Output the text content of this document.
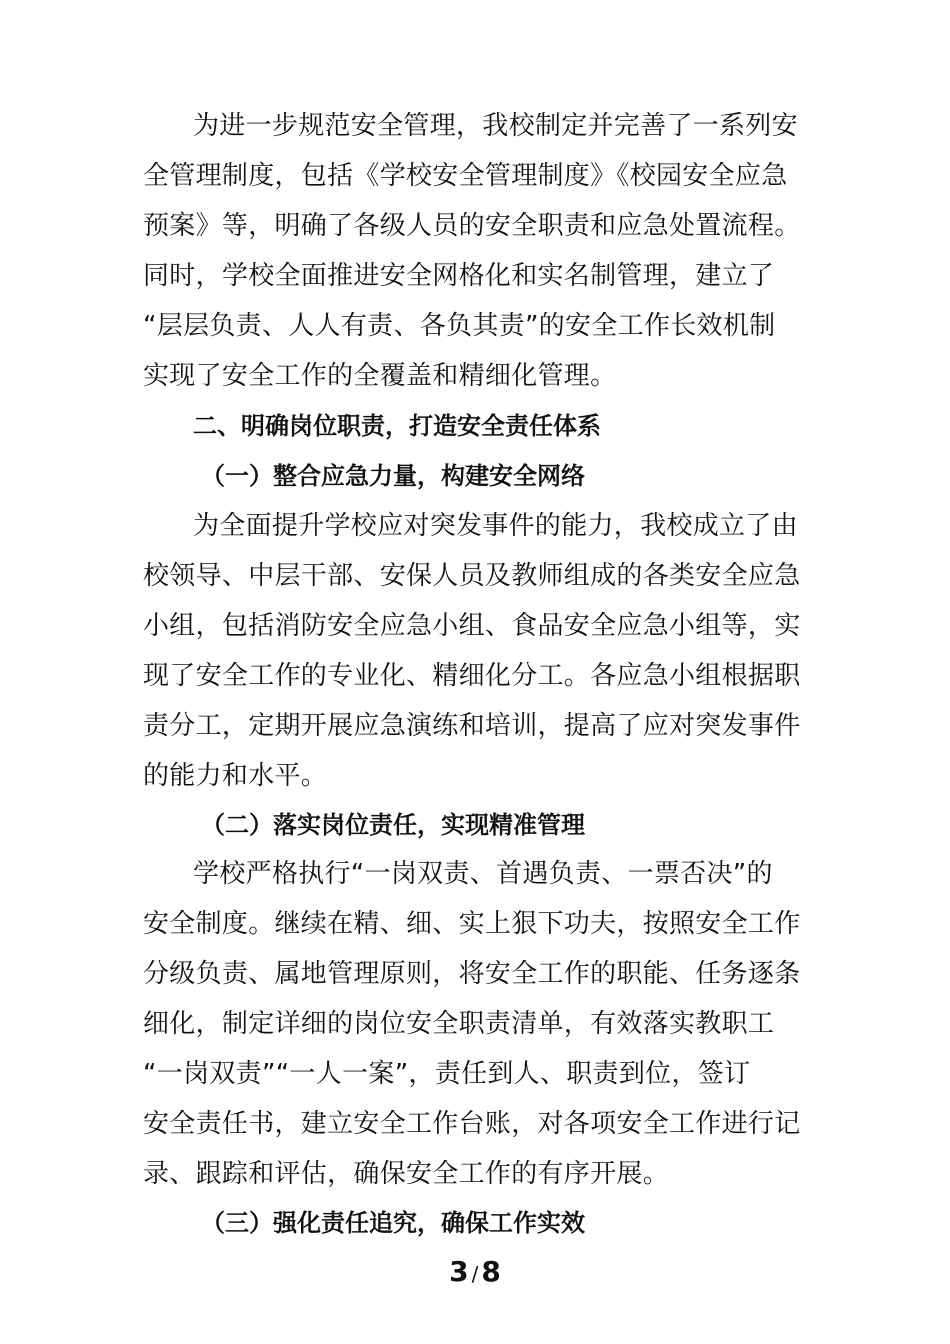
为进一步规范安全管理，我校制定并完善了一系列安
全管理制度，包括《学校安全管理制度》《校园安全应急
预案》等，明确了各级人员的安全职责和应急处置流程。
同时，学校全面推进安全网格化和实名制管理，建立了
“层层负责、人人有责、各负其责”的安全工作长效机制
实现了安全工作的全覆盖和精细化管理。
二、明确岗位职责，打造安全责任体系
（一）整合应急力量，构建安全网络
为全面提升学校应对突发事件的能力，我校成立了由
校领导、中层干部、安保人员及教师组成的各类安全应急
小组，包括消防安全应急小组、食品安全应急小组等，实
现了安全工作的专业化、精细化分工。各应急小组根据职
责分工，定期开展应急演练和培训，提高了应对突发事件
的能力和水平。
（二）落实岗位责任，实现精准管理
学校严格执行“一岗双责、首遇负责、一票否决”的
安全制度。继续在精、细、实上狠下功夫，按照安全工作
分级负责、属地管理原则，将安全工作的职能、任务逐条
细化，制定详细的岗位安全职责清单，有效落实教职工
“一岗双责”“一人一案”，责任到人、职责到位，签订
安全责任书，建立安全工作台账，对各项安全工作进行记
录、跟踪和评估，确保安全工作的有序开展。
（三）强化责任追究，确保工作实效
3 / 8
